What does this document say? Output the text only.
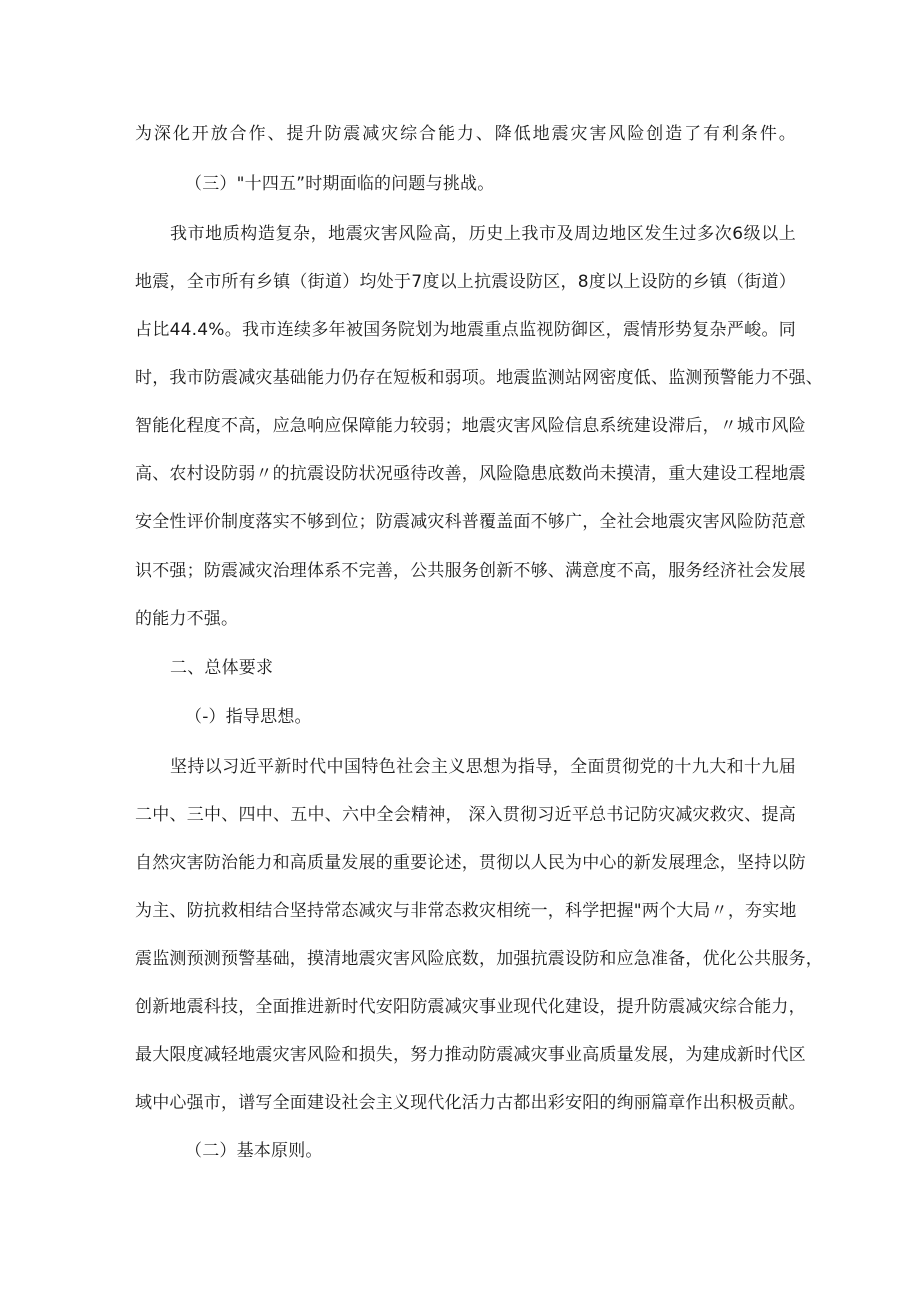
为深化开放合作、提升防震减灾综合能力、降低地震灾害风险创造了有利条件。
（三）"十四五”时期面临的问题与挑战。
我市地质构造复杂，地震灾害风险高，历史上我市及周边地区发生过多次6级以上
地震，全市所有乡镇（街道）均处于7度以上抗震设防区，8度以上设防的乡镇（街道）
占比44.4%。我市连续多年被国务院划为地震重点监视防御区，震情形势复杂严峻。同
时，我市防震减灾基础能力仍存在短板和弱项。地震监测站网密度低、监测预警能力不强、
智能化程度不高，应急响应保障能力较弱；地震灾害风险信息系统建设滞后，〃城市风险
高、农村设防弱〃的抗震设防状况亟待改善，风险隐患底数尚未摸清，重大建设工程地震
安全性评价制度落实不够到位；防震减灾科普覆盖面不够广，全社会地震灾害风险防范意
识不强；防震减灾治理体系不完善，公共服务创新不够、满意度不高，服务经济社会发展
的能力不强。
二、总体要求
（-）指导思想。
坚持以习近平新时代中国特色社会主义思想为指导，全面贯彻党的十九大和十九届
二中、三中、四中、五中、六中全会精神， 深入贯彻习近平总书记防灾减灾救灾、提高
自然灾害防治能力和高质量发展的重要论述，贯彻以人民为中心的新发展理念，坚持以防
为主、防抗救相结合坚持常态减灾与非常态救灾相统一，科学把握"两个大局〃，夯实地
震监测预测预警基础，摸清地震灾害风险底数，加强抗震设防和应急准备，优化公共服务，
创新地震科技，全面推进新时代安阳防震减灾事业现代化建设，提升防震减灾综合能力，
最大限度减轻地震灾害风险和损失，努力推动防震减灾事业高质量发展，为建成新时代区
域中心强市，谱写全面建设社会主义现代化活力古都出彩安阳的绚丽篇章作出积极贡献。
（二）基本原则。
